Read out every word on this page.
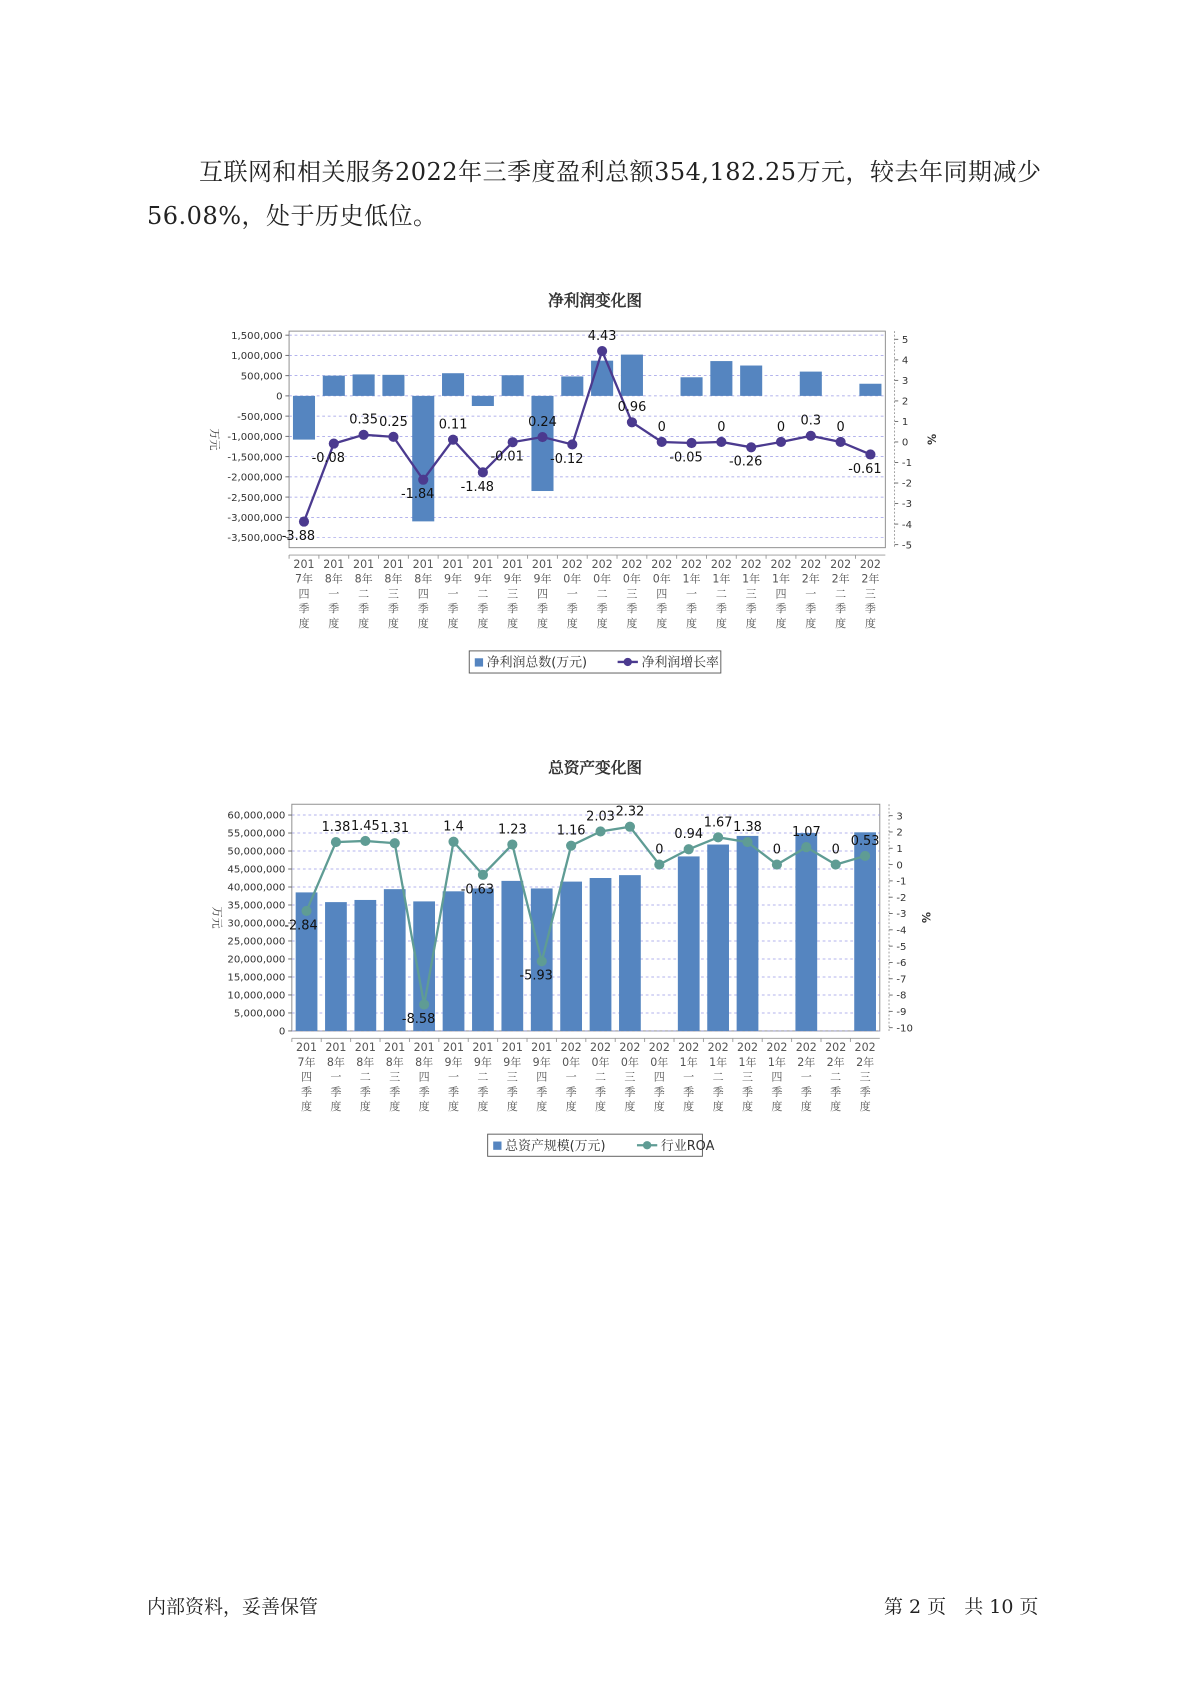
互联网和相关服务2022年三季度盈利总额354,182.25万元，较去年同期减少56.08%，处于历史低位。

净利润变化图
1,500,000
1,000,000
500,000
0
-500,000
-1,000,000
-1,500,000
-2,000,000
-2,500,000
-3,000,000
-3,500,000
5
4
3
2
1
0
-1
-2
-3
-4
-5
万元	%
-3.88
-0.08
0.35 0.25
-1.84
0.11
-1.48
-0.01
0.24
-0.12
4.43
0.96
0
-0.05
0
-0.26
0 0.3 0
-0.61
201 7年四季度
201 8年一季度
201 8年二季度
201 8年三季度
201 8年四季度
201 9年一季度
201 9年二季度
201 9年三季度
201 9年四季度
202 0年一季度
202 0年二季度
202 0年三季度
202 0年四季度
202 1年一季度
202 1年二季度
202 1年三季度
202 1年四季度
202 2年一季度
202 2年二季度
202 2年三季度
净利润总数(万元)	净利润增长率
总资产变化图
60,000,000
55,000,000
50,000,000
45,000,000
40,000,000
35,000,000
30,000,000
25,000,000
20,000,000
15,000,000
10,000,000
5,000,000
0
3
2
1
0
-1
-2
-3
-4
-5
-6
-7
-8
-9
-10
万元	%
-2.84
1.38 1.45 1.31
-8.58
1.4
-0.63
1.23
-5.93
1.16
2.03 2.32
0
0.94
1.67 1.38
0
1.07
0
0.53
201 7年四季度
201 8年一季度
201 8年二季度
201 8年三季度
201 8年四季度
201 9年一季度
201 9年二季度
201 9年三季度
201 9年四季度
202 0年一季度
202 0年二季度
202 0年三季度
202 0年四季度
202 1年一季度
202 1年二季度
202 1年三季度
202 1年四季度
202 2年一季度
202 2年二季度
202 2年三季度
总资产规模(万元)	行业ROA
内部资料，妥善保管	第 2 页 共 10 页
